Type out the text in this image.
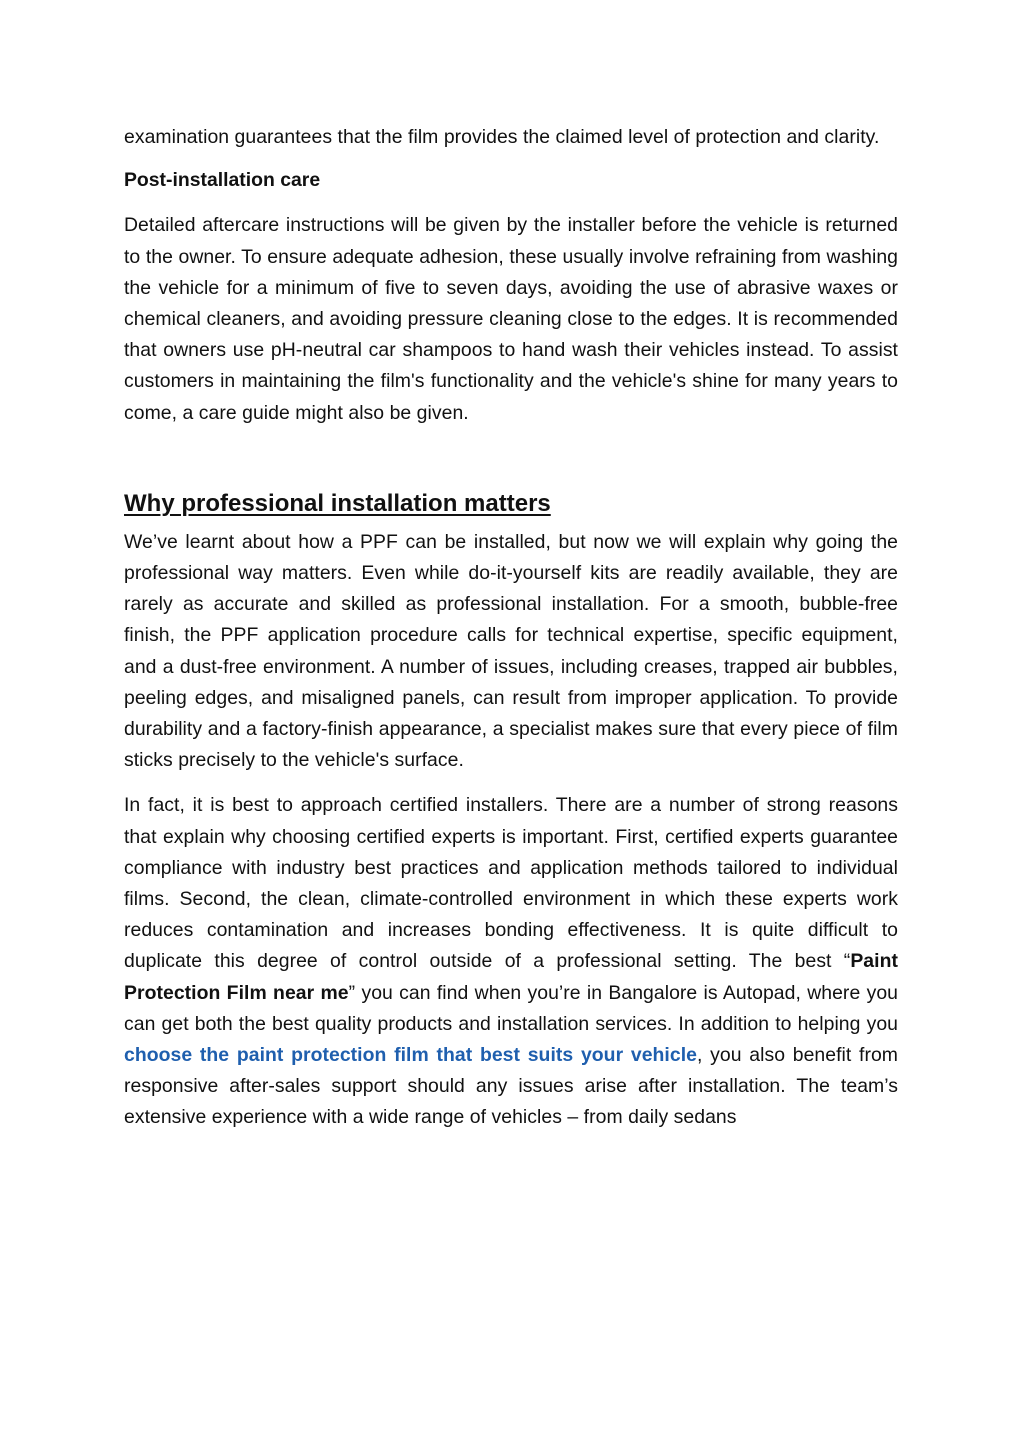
examination guarantees that the film provides the claimed level of protection and clarity.

Post-installation care

Detailed aftercare instructions will be given by the installer before the vehicle is returned to the owner. To ensure adequate adhesion, these usually involve refraining from washing the vehicle for a minimum of five to seven days, avoiding the use of abrasive waxes or chemical cleaners, and avoiding pressure cleaning close to the edges. It is recommended that owners use pH-neutral car shampoos to hand wash their vehicles instead. To assist customers in maintaining the film's functionality and the vehicle's shine for many years to come, a care guide might also be given.

Why professional installation matters

We’ve learnt about how a PPF can be installed, but now we will explain why going the professional way matters. Even while do-it-yourself kits are readily available, they are rarely as accurate and skilled as professional installation. For a smooth, bubble-free finish, the PPF application procedure calls for technical expertise, specific equipment, and a dust-free environment. A number of issues, including creases, trapped air bubbles, peeling edges, and misaligned panels, can result from improper application. To provide durability and a factory-finish appearance, a specialist makes sure that every piece of film sticks precisely to the vehicle's surface.

In fact, it is best to approach certified installers. There are a number of strong reasons that explain why choosing certified experts is important. First, certified experts guarantee compliance with industry best practices and application methods tailored to individual films. Second, the clean, climate-controlled environment in which these experts work reduces contamination and increases bonding effectiveness. It is quite difficult to duplicate this degree of control outside of a professional setting. The best “Paint Protection Film near me” you can find when you’re in Bangalore is Autopad, where you can get both the best quality products and installation services. In addition to helping you choose the paint protection film that best suits your vehicle, you also benefit from responsive after-sales support should any issues arise after installation. The team’s extensive experience with a wide range of vehicles – from daily sedans
